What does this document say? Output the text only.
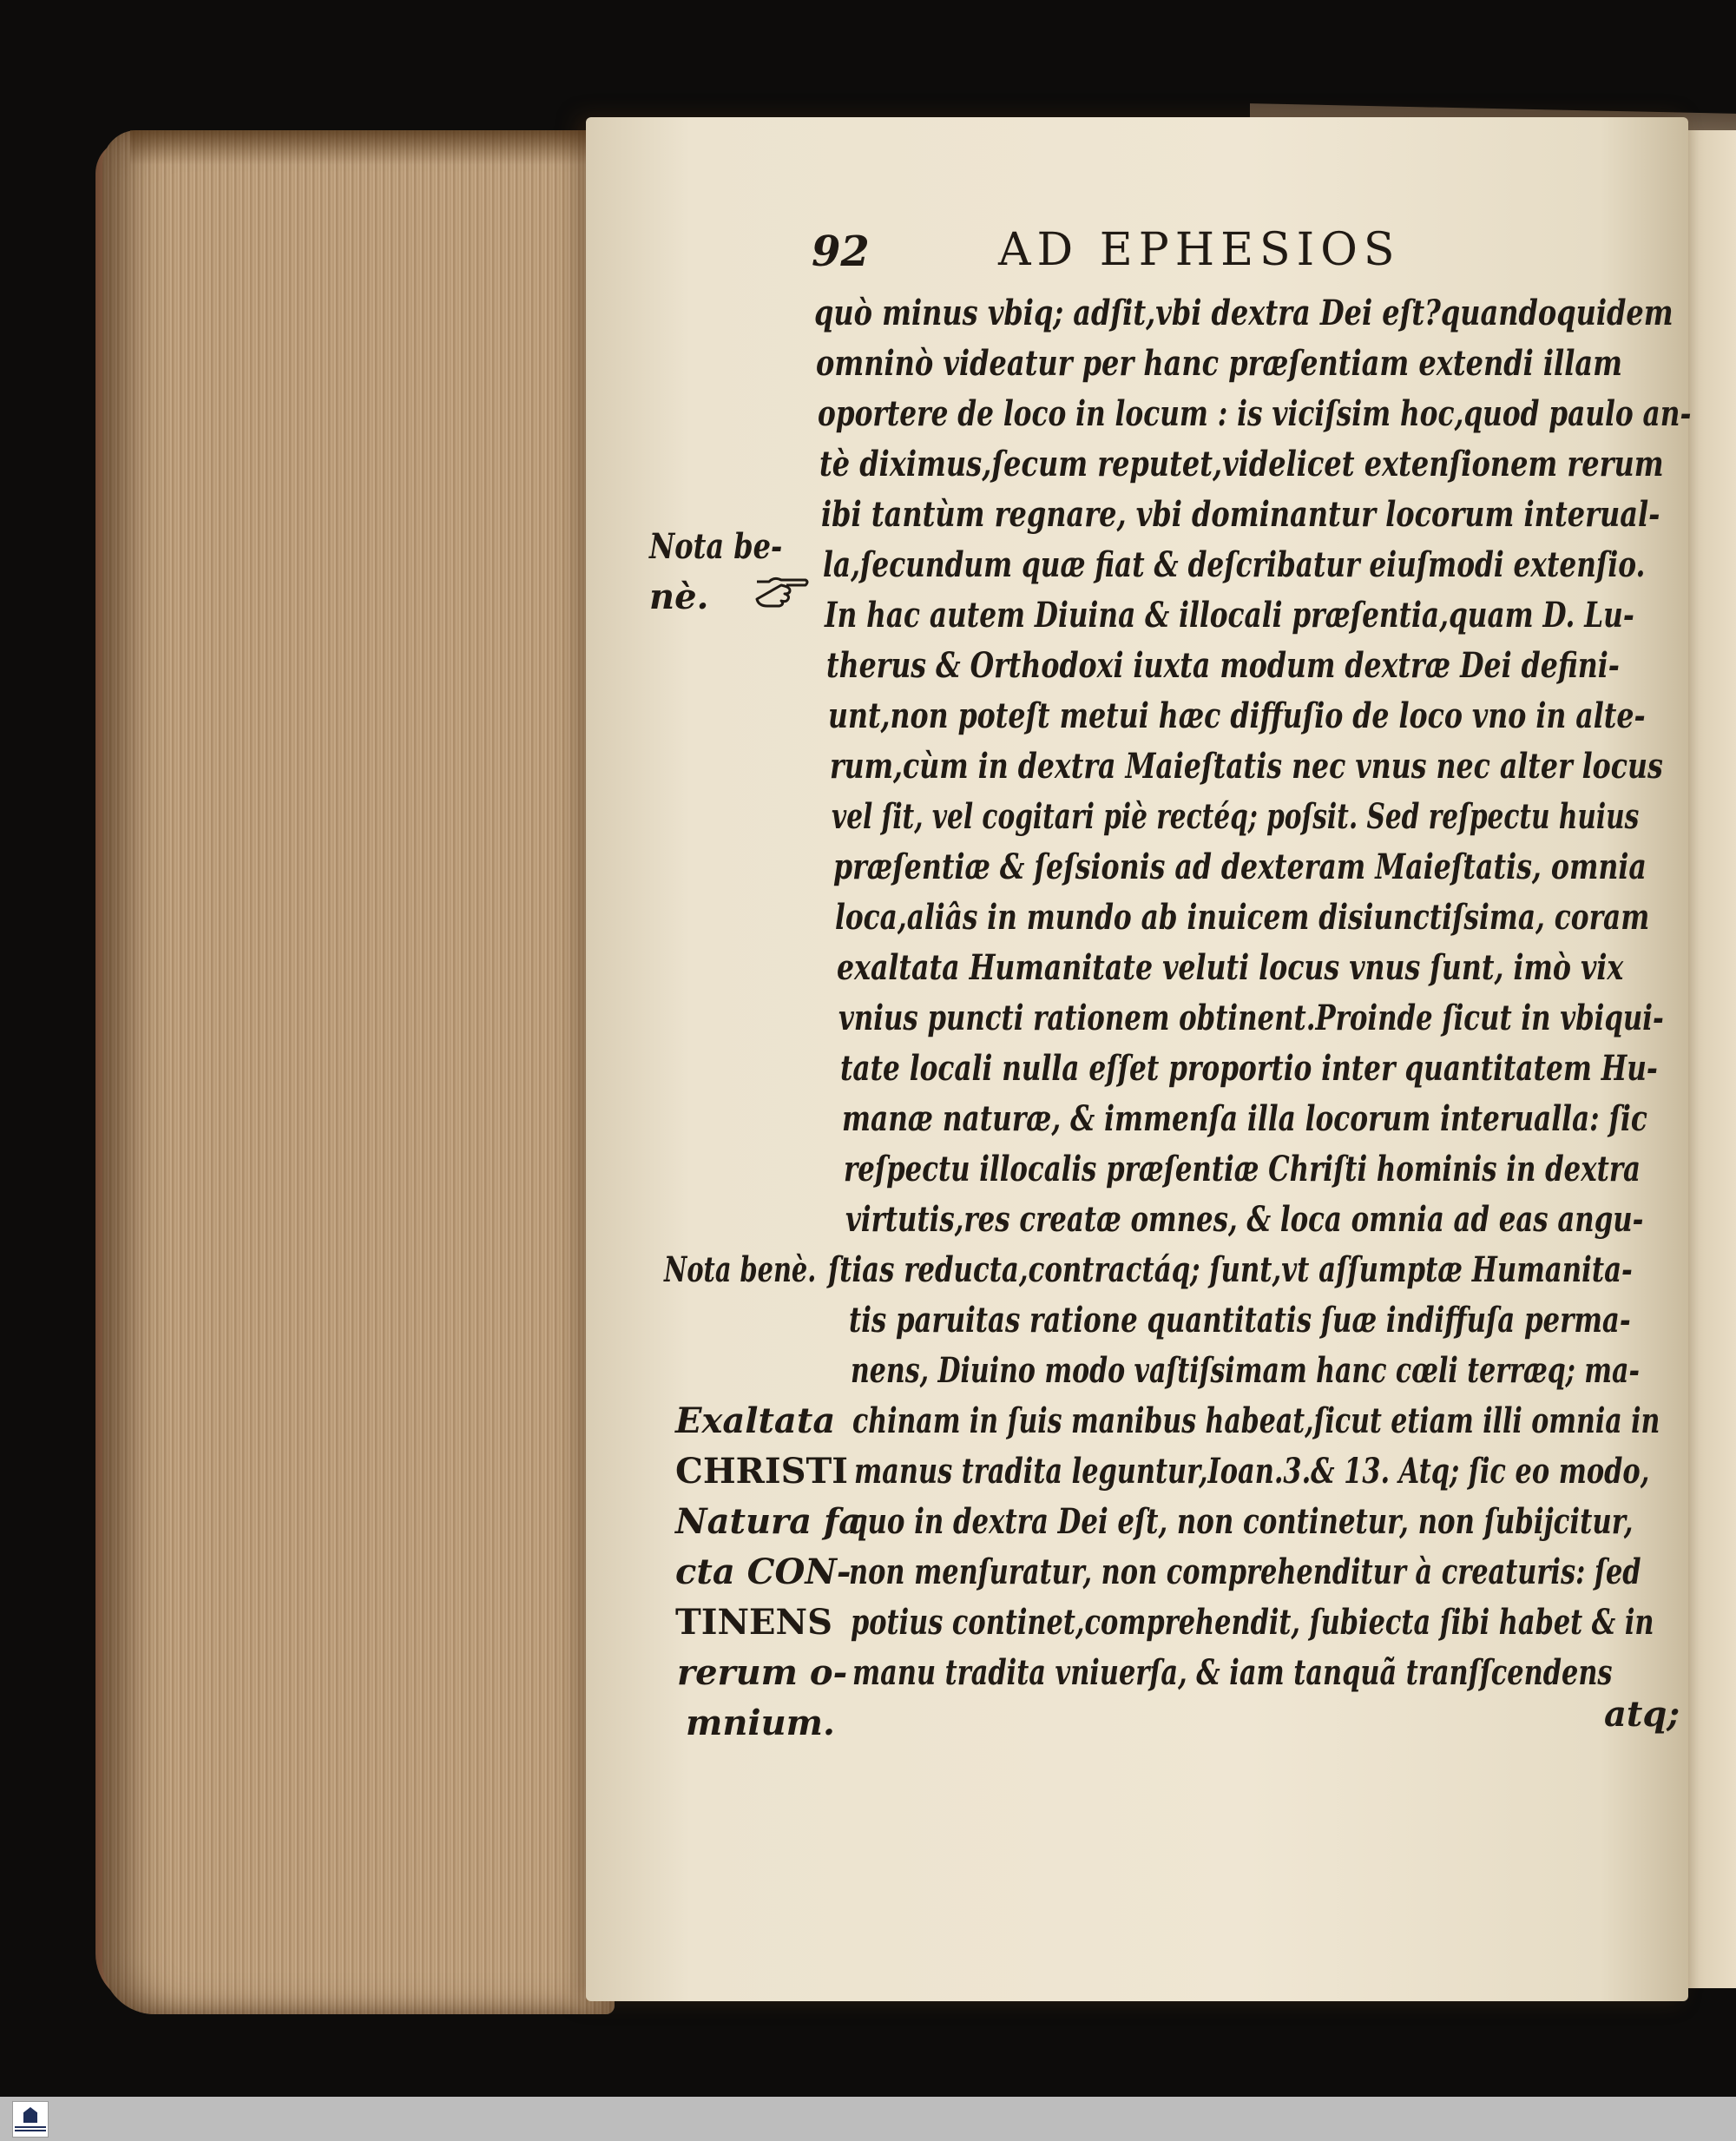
92	AD EPHESIOS
quò minus vbiq; adſit,vbi dextra Dei eſt?quandoquidem
omninò videatur per hanc præſentiam extendi illam
oportere de loco in locum : is viciſsim hoc,quod paulo an-
tè diximus,ſecum reputet,videlicet extenſionem rerum
ibi tantùm regnare, vbi dominantur locorum interual-
la,ſecundum quæ fiat & deſcribatur eiuſmodi extenſio.
In hac autem Diuina & illocali præſentia,quam D. Lu-
therus & Orthodoxi iuxta modum dextræ Dei defini-
unt,non poteſt metui hæc diffuſio de loco vno in alte-
rum,cùm in dextra Maieſtatis nec vnus nec alter locus
vel ſit, vel cogitari piè rectéq; poſsit. Sed reſpectu huius
præſentiæ & ſeſsionis ad dexteram Maieſtatis, omnia
loca,aliâs in mundo ab inuicem disiunctiſsima, coram
exaltata Humanitate veluti locus vnus ſunt, imò vix
vnius puncti rationem obtinent.Proinde ſicut in vbiqui-
tate locali nulla eſſet proportio inter quantitatem Hu-
manæ naturæ, & immenſa illa locorum interualla: ſic
reſpectu illocalis præſentiæ Chriſti hominis in dextra
virtutis,res creatæ omnes, & loca omnia ad eas angu-
ſtias reducta,contractáq; ſunt,vt aſſumptæ Humanita-
tis paruitas ratione quantitatis ſuæ indiffuſa perma-
nens, Diuino modo vaſtiſsimam hanc cœli terræq; ma-
chinam in ſuis manibus habeat,ſicut etiam illi omnia in
manus tradita leguntur,Ioan.3.& 13. Atq; ſic eo modo,
quo in dextra Dei eſt, non continetur, non ſubijcitur,
non menſuratur, non comprehenditur à creaturis: ſed
potius continet,comprehendit, ſubiecta ſibi habet & in
manu tradita vniuerſa, & iam tanquã tranſſcendens
atq;
Nota be-
nè.
Nota benè.
Exaltata
CHRISTI
Natura fa
cta CON-
TINENS
rerum o-
mnium.
